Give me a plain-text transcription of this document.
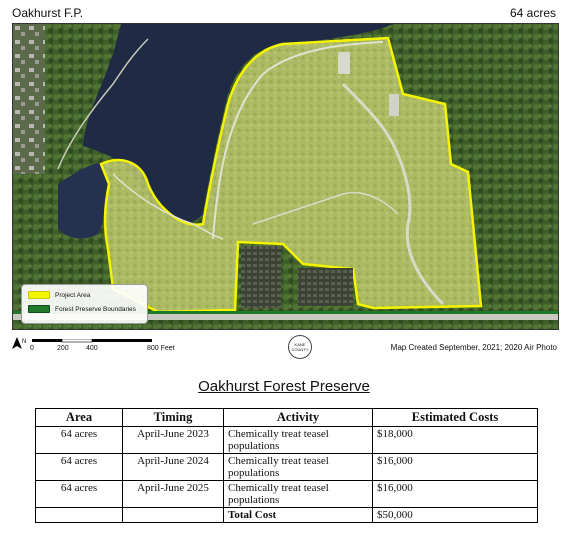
Oakhurst F.P.	64 acres
Project Area
Forest Preserve Boundaries
N
0	200 400	800 Feet
KANE COUNTY	Map Created September, 2021; 2020 Air Photo
Oakhurst Forest Preserve
Area	Timing	Activity	Estimated Costs
64 acres	April-June 2023	Chemically treat teasel populations	$18,000
64 acres	April-June 2024	Chemically treat teasel populations	$16,000
64 acres	April-June 2025	Chemically treat teasel populations	$16,000
		Total Cost	$50,000
